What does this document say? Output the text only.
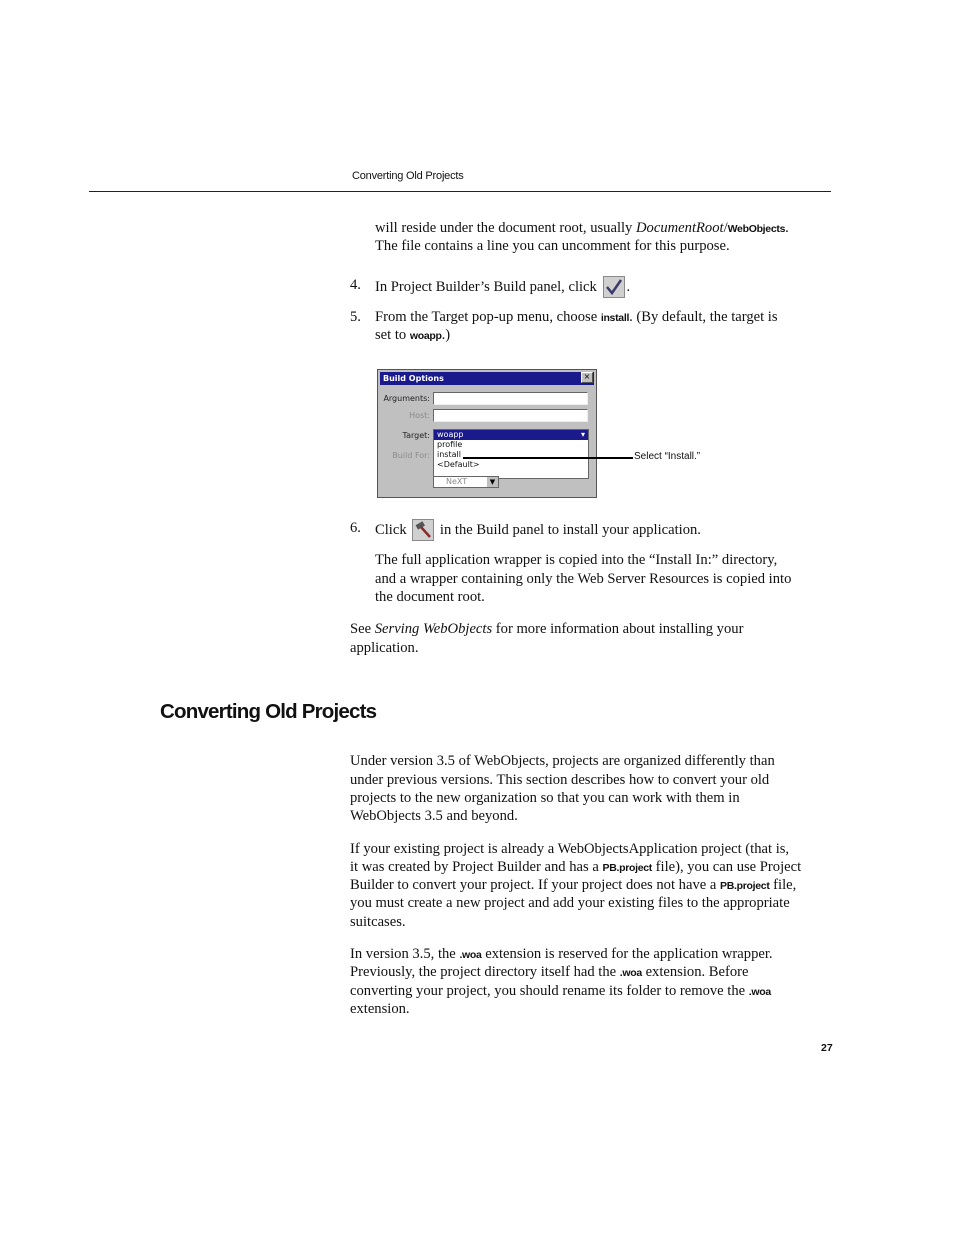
Converting Old Projects
will reside under the document root, usually DocumentRoot/WebObjects.
The file contains a line you can uncomment for this purpose.
4. In Project Builder’s Build panel, click .
5. From the Target pop-up menu, choose install. (By default, the target is
set to woapp.)
Build Options	×
Arguments:
Host:
Target: woapp	▾
profile
install
<Default>
Build For:
NeXT	▼
Select “Install.”
6. Click  in the Build panel to install your application.
The full application wrapper is copied into the “Install In:” directory,
and a wrapper containing only the Web Server Resources is copied into
the document root.
See Serving WebObjects for more information about installing your
application.
Converting Old Projects
Under version 3.5 of WebObjects, projects are organized differently than
under previous versions. This section describes how to convert your old
projects to the new organization so that you can work with them in
WebObjects 3.5 and beyond.
If your existing project is already a WebObjectsApplication project (that is,
it was created by Project Builder and has a PB.project file), you can use Project
Builder to convert your project. If your project does not have a PB.project file,
you must create a new project and add your existing files to the appropriate
suitcases.
In version 3.5, the .woa extension is reserved for the application wrapper.
Previously, the project directory itself had the .woa extension. Before
converting your project, you should rename its folder to remove the .woa
extension.
27
